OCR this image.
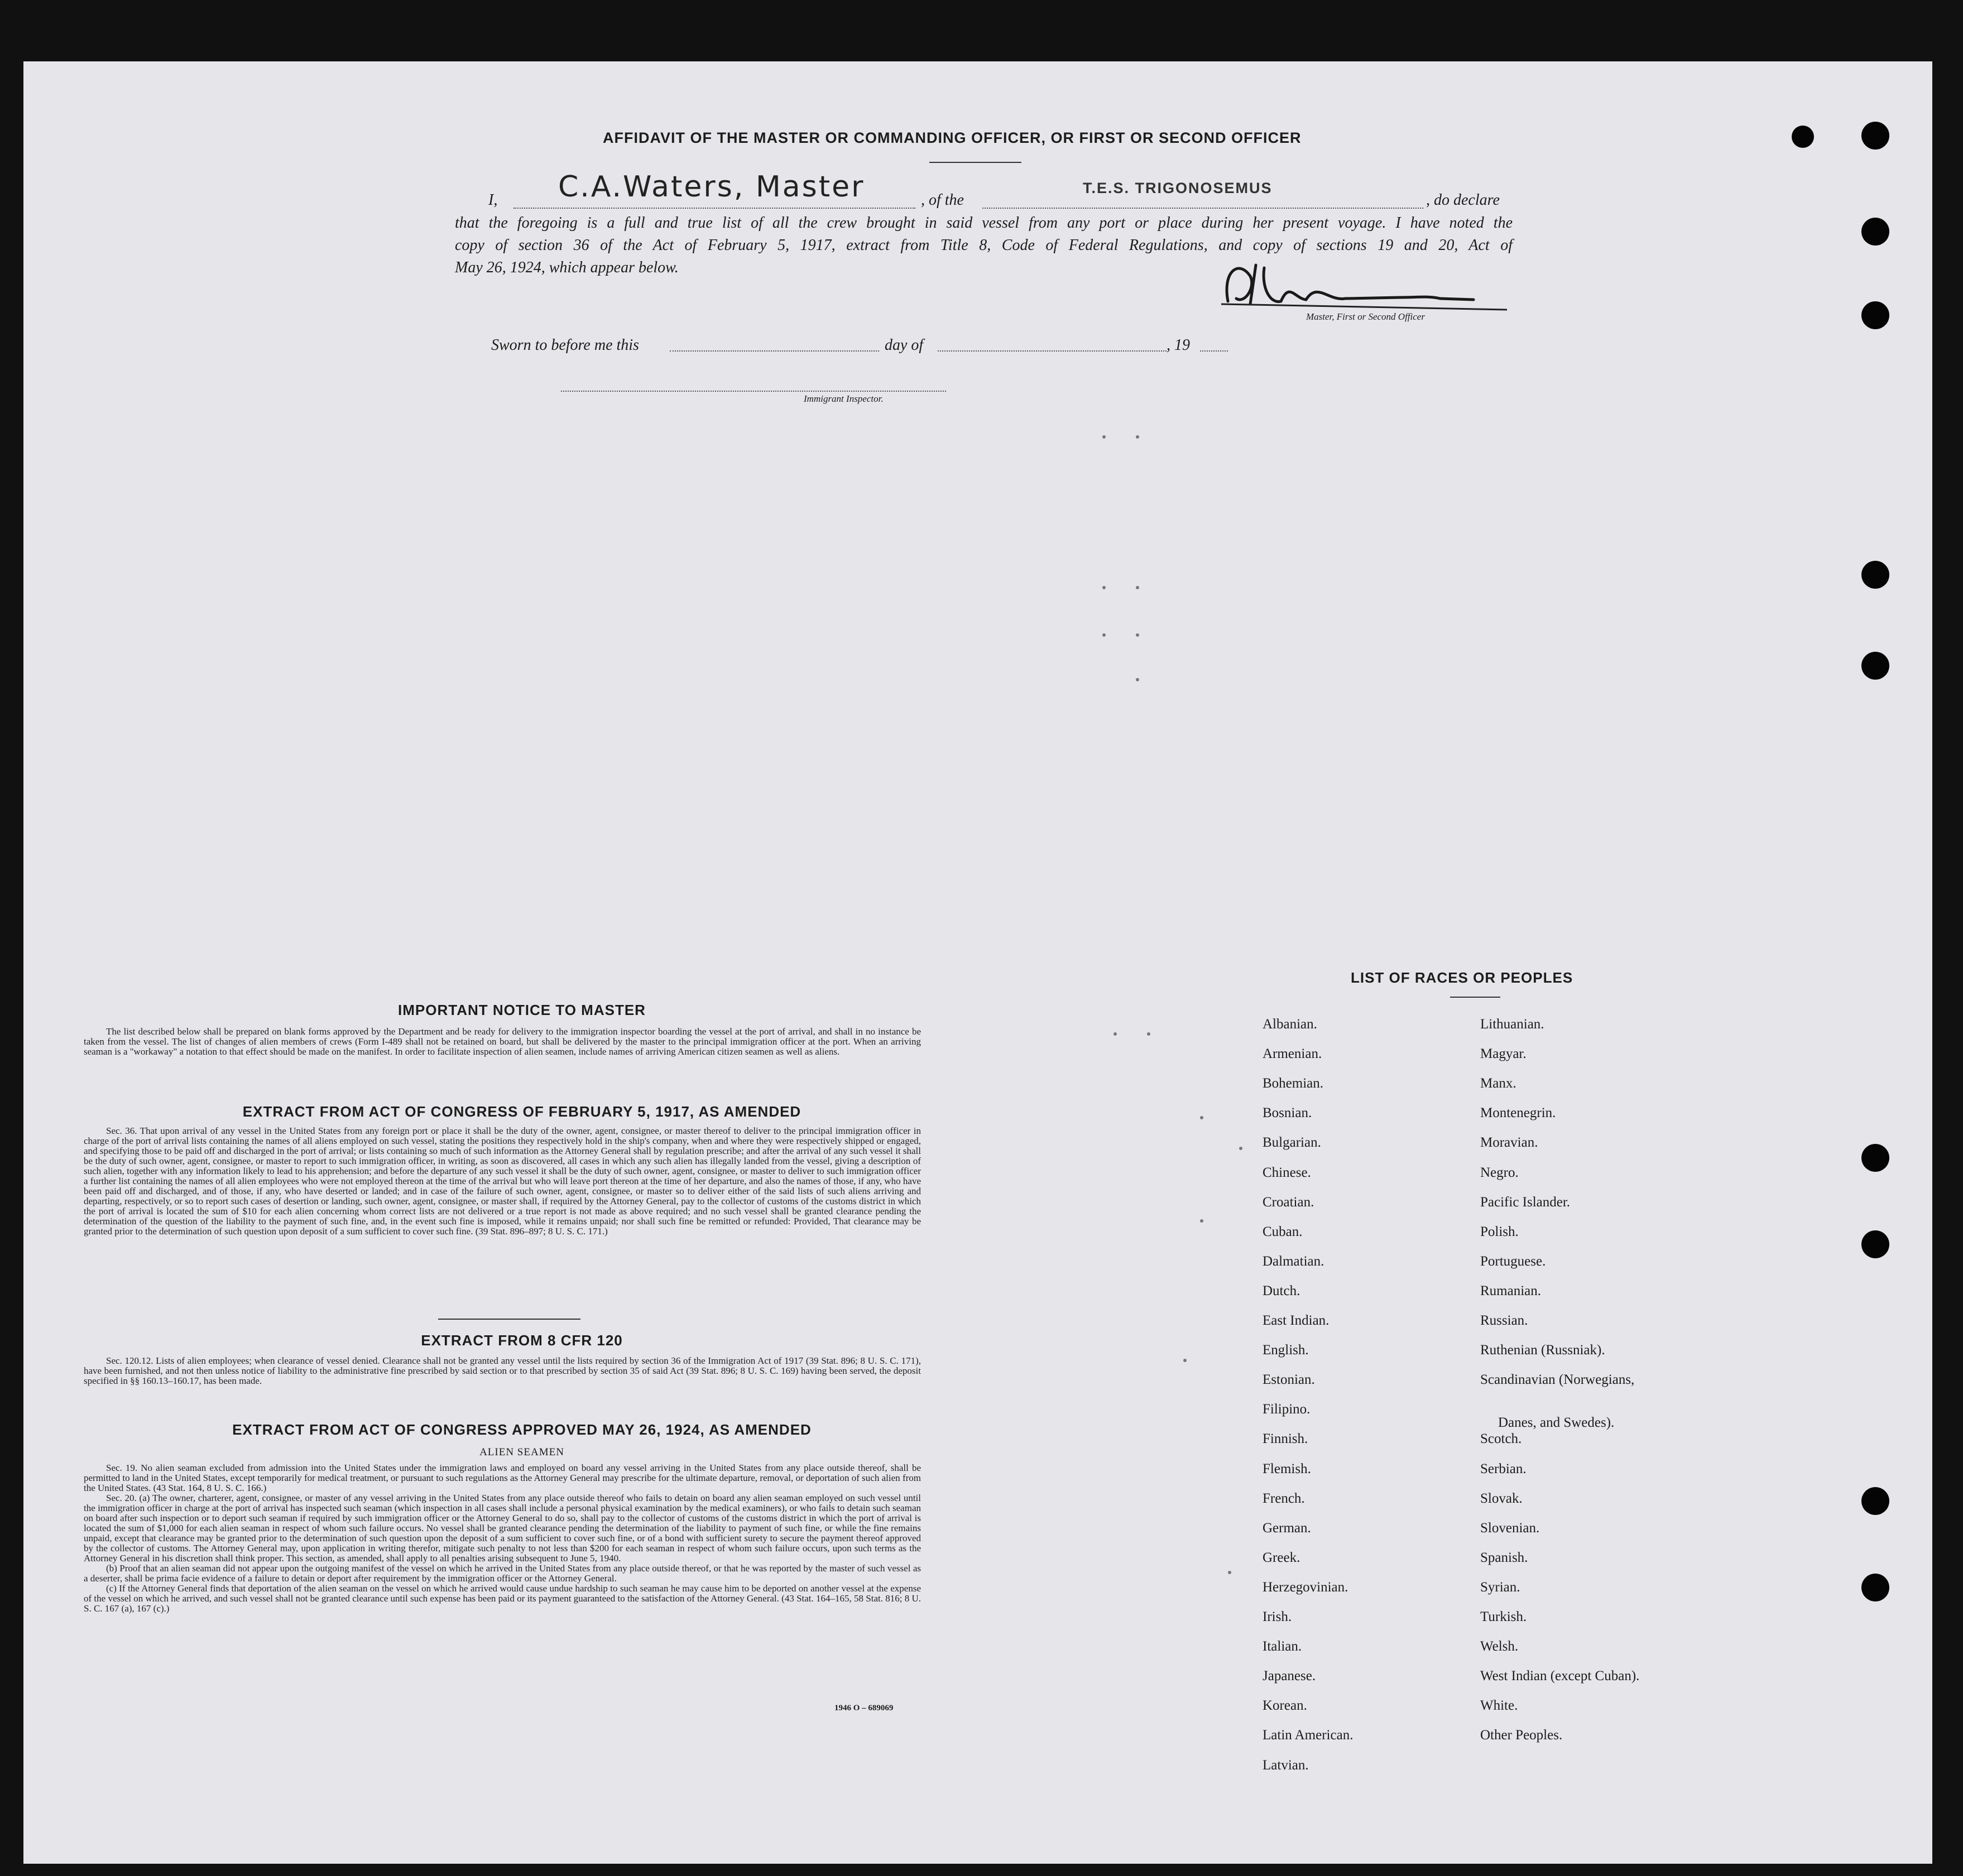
AFFIDAVIT OF THE MASTER OR COMMANDING OFFICER, OR FIRST OR SECOND OFFICER
I, C.A.Waters, Master	, of the
T.E.S. TRIGONOSEMUS
, do declare
that the foregoing is a full and true list of all the crew brought in said vessel from any port or place during her present voyage. I have noted the
copy of section 36 of the Act of February 5, 1917, extract from Title 8, Code of Federal Regulations, and copy of sections 19 and 20, Act of
May 26, 1924, which appear below.
Master, First or Second Officer
Sworn to before me this	day of	, 19
Immigrant Inspector.
IMPORTANT NOTICE TO MASTER

The list described below shall be prepared on blank forms approved by the Department and be ready for delivery to the immigration inspector boarding the vessel at the port of arrival, and shall in no instance be taken from the vessel. The list of changes of alien members of crews (Form I-489 shall not be retained on board, but shall be delivered by the master to the principal immigration officer at the port. When an arriving seaman is a "workaway" a notation to that effect should be made on the manifest. In order to facilitate inspection of alien seamen, include names of arriving American citizen seamen as well as aliens.

EXTRACT FROM ACT OF CONGRESS OF FEBRUARY 5, 1917, AS AMENDED

Sec. 36. That upon arrival of any vessel in the United States from any foreign port or place it shall be the duty of the owner, agent, consignee, or master thereof to deliver to the principal immigration officer in charge of the port of arrival lists containing the names of all aliens employed on such vessel, stating the positions they respectively hold in the ship's company, when and where they were respectively shipped or engaged, and specifying those to be paid off and discharged in the port of arrival; or lists containing so much of such information as the Attorney General shall by regulation prescribe; and after the arrival of any such vessel it shall be the duty of such owner, agent, consignee, or master to report to such immigration officer, in writing, as soon as discovered, all cases in which any such alien has illegally landed from the vessel, giving a description of such alien, together with any information likely to lead to his apprehension; and before the departure of any such vessel it shall be the duty of such owner, agent, consignee, or master to deliver to such immigration officer a further list containing the names of all alien employees who were not employed thereon at the time of the arrival but who will leave port thereon at the time of her departure, and also the names of those, if any, who have been paid off and discharged, and of those, if any, who have deserted or landed; and in case of the failure of such owner, agent, consignee, or master so to deliver either of the said lists of such aliens arriving and departing, respectively, or so to report such cases of desertion or landing, such owner, agent, consignee, or master shall, if required by the Attorney General, pay to the collector of customs of the customs district in which the port of arrival is located the sum of $10 for each alien concerning whom correct lists are not delivered or a true report is not made as above required; and no such vessel shall be granted clearance pending the determination of the question of the liability to the payment of such fine, and, in the event such fine is imposed, while it remains unpaid; nor shall such fine be remitted or refunded: Provided, That clearance may be granted prior to the determination of such question upon deposit of a sum sufficient to cover such fine. (39 Stat. 896–897; 8 U. S. C. 171.)

EXTRACT FROM 8 CFR 120

Sec. 120.12. Lists of alien employees; when clearance of vessel denied. Clearance shall not be granted any vessel until the lists required by section 36 of the Immigration Act of 1917 (39 Stat. 896; 8 U. S. C. 171), have been furnished, and not then unless notice of liability to the administrative fine prescribed by said section or to that prescribed by section 35 of said Act (39 Stat. 896; 8 U. S. C. 169) having been served, the deposit specified in §§ 160.13–160.17, has been made.

EXTRACT FROM ACT OF CONGRESS APPROVED MAY 26, 1924, AS AMENDED
ALIEN SEAMEN

Sec. 19. No alien seaman excluded from admission into the United States under the immigration laws and employed on board any vessel arriving in the United States from any place outside thereof, shall be permitted to land in the United States, except temporarily for medical treatment, or pursuant to such regulations as the Attorney General may prescribe for the ultimate departure, removal, or deportation of such alien from the United States. (43 Stat. 164, 8 U. S. C. 166.)

Sec. 20. (a) The owner, charterer, agent, consignee, or master of any vessel arriving in the United States from any place outside thereof who fails to detain on board any alien seaman employed on such vessel until the immigration officer in charge at the port of arrival has inspected such seaman (which inspection in all cases shall include a personal physical examination by the medical examiners), or who fails to detain such seaman on board after such inspection or to deport such seaman if required by such immigration officer or the Attorney General to do so, shall pay to the collector of customs of the customs district in which the port of arrival is located the sum of $1,000 for each alien seaman in respect of whom such failure occurs. No vessel shall be granted clearance pending the determination of the liability to payment of such fine, or while the fine remains unpaid, except that clearance may be granted prior to the determination of such question upon the deposit of a sum sufficient to cover such fine, or of a bond with sufficient surety to secure the payment thereof approved by the collector of customs. The Attorney General may, upon application in writing therefor, mitigate such penalty to not less than $200 for each seaman in respect of whom such failure occurs, upon such terms as the Attorney General in his discretion shall think proper. This section, as amended, shall apply to all penalties arising subsequent to June 5, 1940.

(b) Proof that an alien seaman did not appear upon the outgoing manifest of the vessel on which he arrived in the United States from any place outside thereof, or that he was reported by the master of such vessel as a deserter, shall be prima facie evidence of a failure to detain or deport after requirement by the immigration officer or the Attorney General.

(c) If the Attorney General finds that deportation of the alien seaman on the vessel on which he arrived would cause undue hardship to such seaman he may cause him to be deported on another vessel at the expense of the vessel on which he arrived, and such vessel shall not be granted clearance until such expense has been paid or its payment guaranteed to the satisfaction of the Attorney General. (43 Stat. 164–165, 58 Stat. 816; 8 U. S. C. 167 (a), 167 (c).)

1946 O – 689069
LIST OF RACES OR PEOPLES
Albanian.
Armenian.
Bohemian.
Bosnian.
Bulgarian.
Chinese.
Croatian.
Cuban.
Dalmatian.
Dutch.
East Indian.
English.
Estonian.
Filipino.
Finnish.
Flemish.
French.
German.
Greek.
Herzegovinian.
Irish.
Italian.
Japanese.
Korean.
Latin American.
Latvian.
Lithuanian.
Magyar.
Manx.
Montenegrin.
Moravian.
Negro.
Pacific Islander.
Polish.
Portuguese.
Rumanian.
Russian.
Ruthenian (Russniak).
Scandinavian (Norwegians,
Danes, and Swedes).
Scotch.
Serbian.
Slovak.
Slovenian.
Spanish.
Syrian.
Turkish.
Welsh.
West Indian (except Cuban).
White.
Other Peoples.
